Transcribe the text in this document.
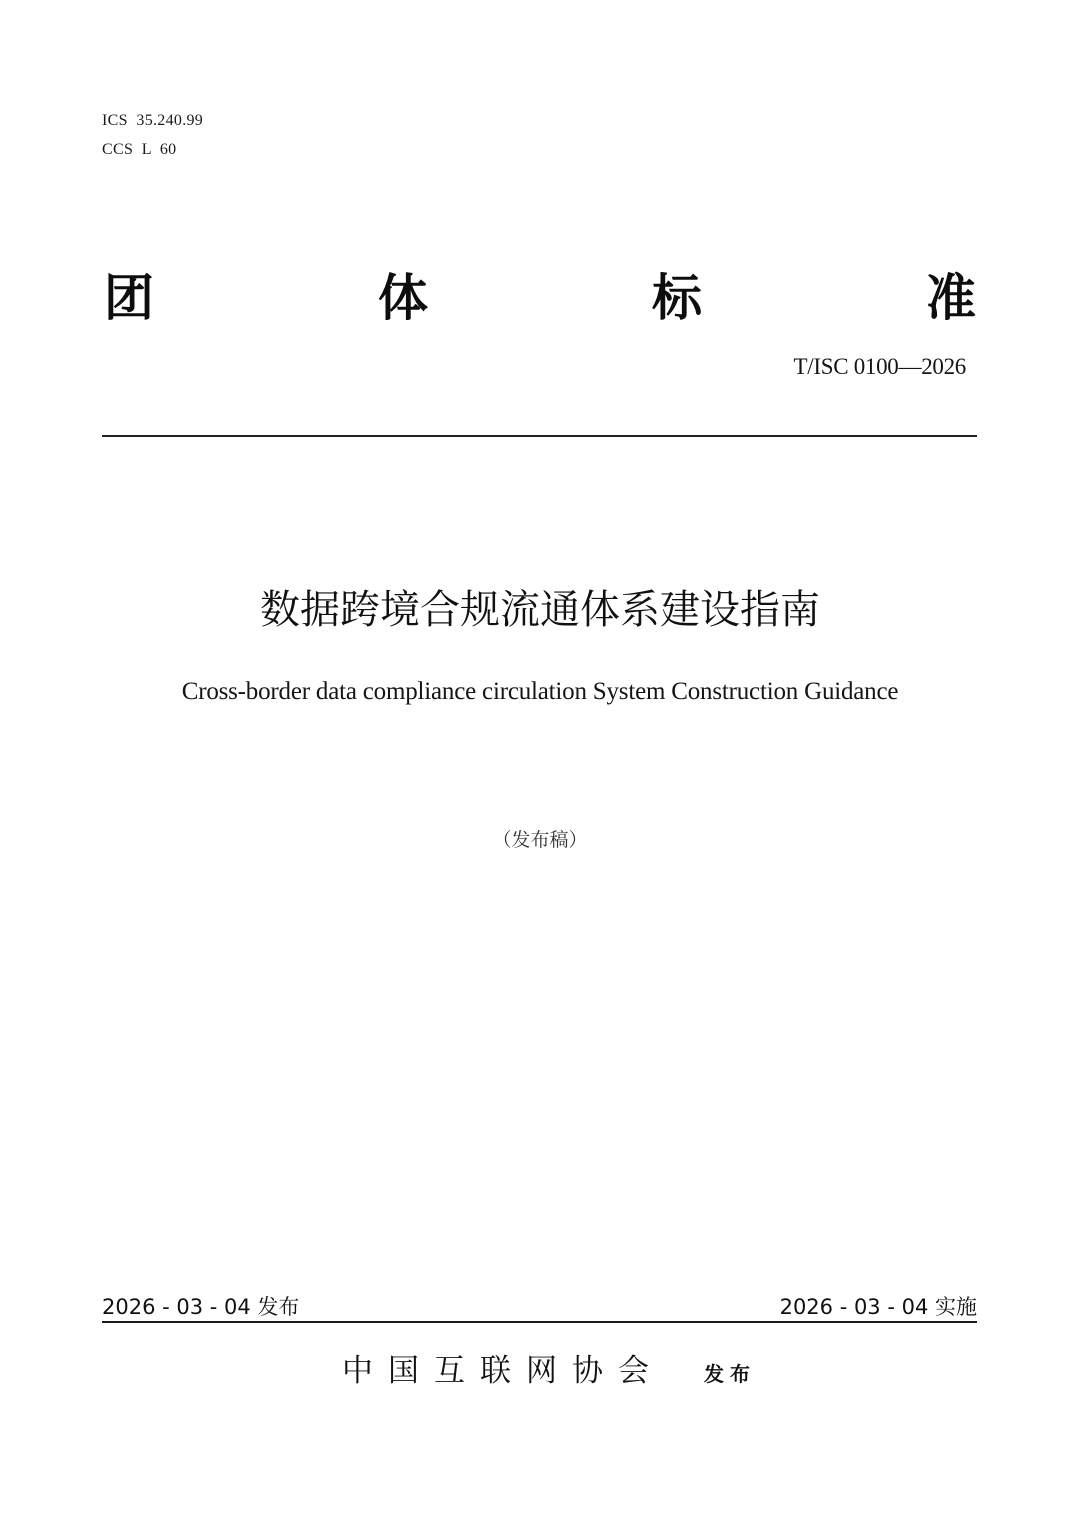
ICS  35.240.99
CCS  L  60
团	体	标	准
T/ISC 0100—2026
数据跨境合规流通体系建设指南
Cross-border data compliance circulation System Construction Guidance
（发布稿）
2026 - 03 - 04 发布	2026 - 03 - 04 实施
中国互联网协会 发布
